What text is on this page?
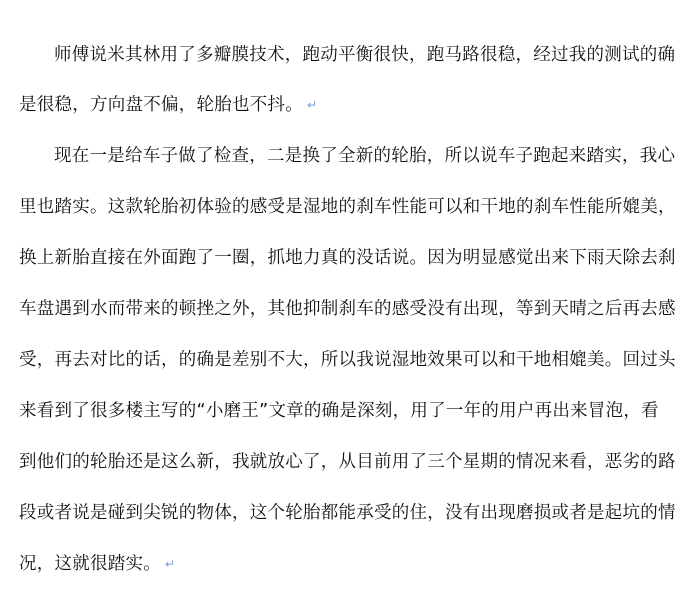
师傅说米其林用了多瓣膜技术，跑动平衡很快，跑马路很稳，经过我的测试的确
是很稳，方向盘不偏，轮胎也不抖。 ↵
现在一是给车子做了检查，二是换了全新的轮胎，所以说车子跑起来踏实，我心
里也踏实。这款轮胎初体验的感受是湿地的刹车性能可以和干地的刹车性能所媲美，
换上新胎直接在外面跑了一圈，抓地力真的没话说。因为明显感觉出来下雨天除去刹
车盘遇到水而带来的顿挫之外，其他抑制刹车的感受没有出现，等到天晴之后再去感
受，再去对比的话，的确是差别不大，所以我说湿地效果可以和干地相媲美。回过头
来看到了很多楼主写的“小磨王”文章的确是深刻，用了一年的用户再出来冒泡，看
到他们的轮胎还是这么新，我就放心了，从目前用了三个星期的情况来看，恶劣的路
段或者说是碰到尖锐的物体，这个轮胎都能承受的住，没有出现磨损或者是起坑的情
况，这就很踏实。 ↵
